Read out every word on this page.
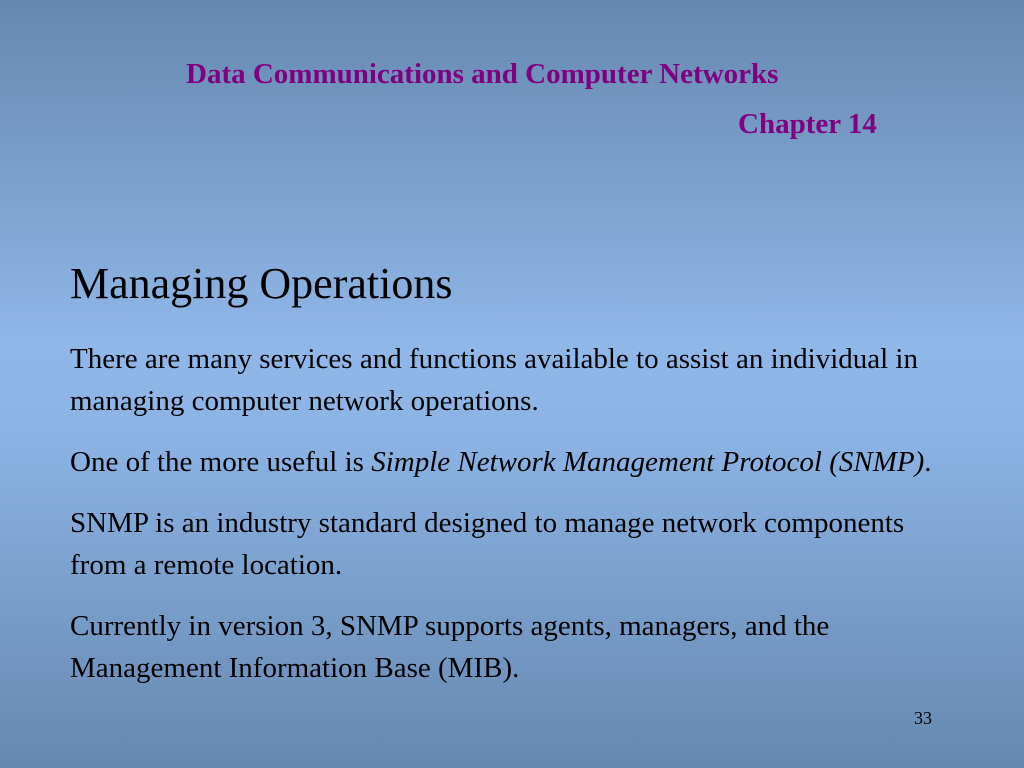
Data Communications and Computer Networks
Chapter 14
Managing Operations

There are many services and functions available to assist an individual in managing computer network operations.

One of the more useful is Simple Network Management Protocol (SNMP).

SNMP is an industry standard designed to manage network components from a remote location.

Currently in version 3, SNMP supports agents, managers, and the Management Information Base (MIB).

33
